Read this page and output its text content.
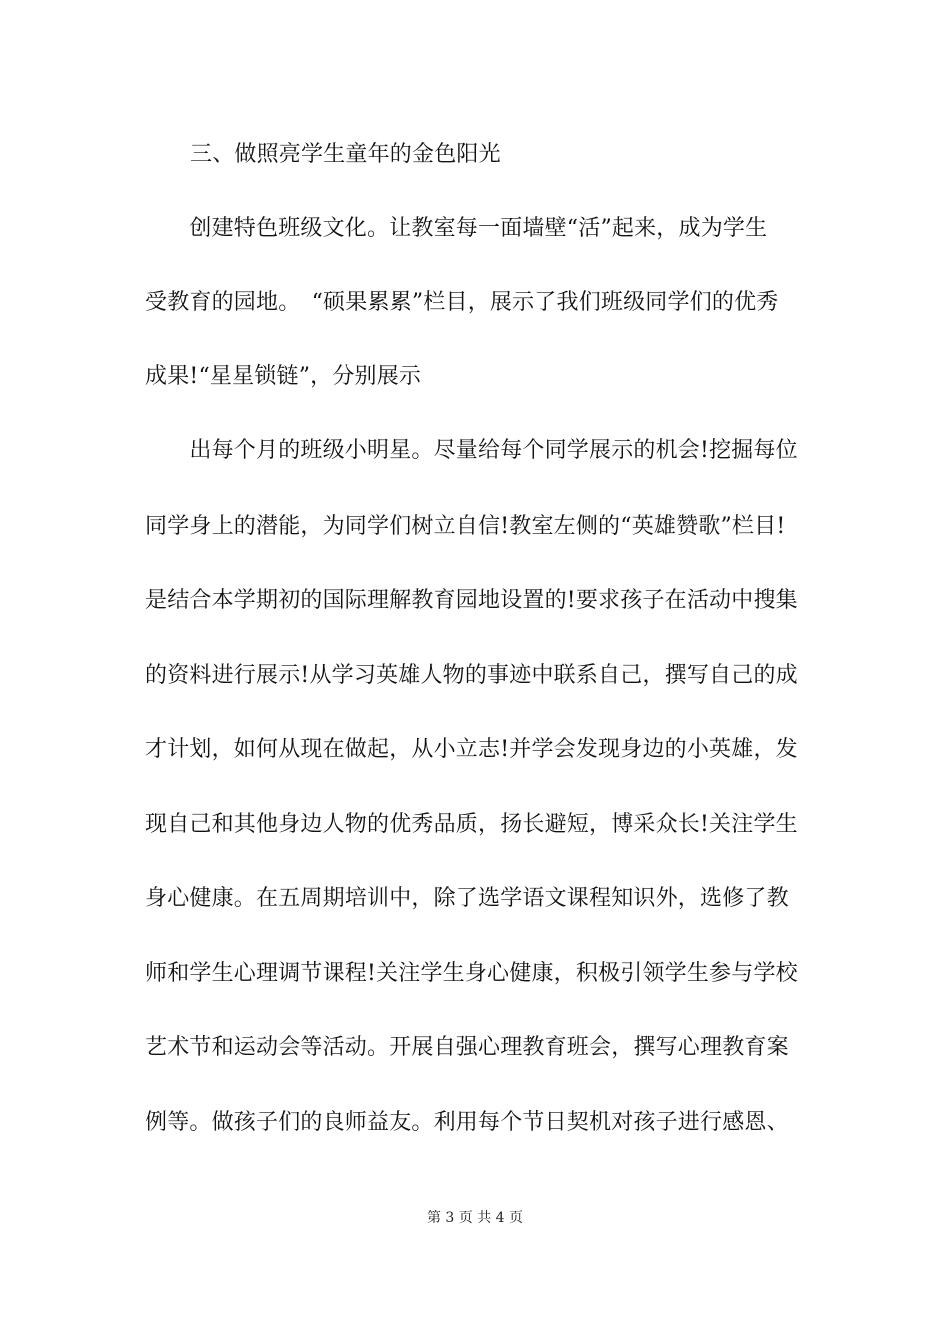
三、做照亮学生童年的金色阳光
　　创建特色班级文化。让教室每一面墙壁“活”起来，成为学生
受教育的园地。　“硕果累累”栏目，展示了我们班级同学们的优秀
成果!“星星锁链”，分别展示
　　出每个月的班级小明星。尽量给每个同学展示的机会!挖掘每位
同学身上的潜能，为同学们树立自信!教室左侧的“英雄赞歌”栏目!
是结合本学期初的国际理解教育园地设置的!要求孩子在活动中搜集
的资料进行展示!从学习英雄人物的事迹中联系自己，撰写自己的成
才计划，如何从现在做起，从小立志!并学会发现身边的小英雄，发
现自己和其他身边人物的优秀品质，扬长避短，博采众长!关注学生
身心健康。在五周期培训中，除了选学语文课程知识外，选修了教
师和学生心理调节课程!关注学生身心健康，积极引领学生参与学校
艺术节和运动会等活动。开展自强心理教育班会，撰写心理教育案
例等。做孩子们的良师益友。利用每个节日契机对孩子进行感恩、
第 3 页 共 4 页
